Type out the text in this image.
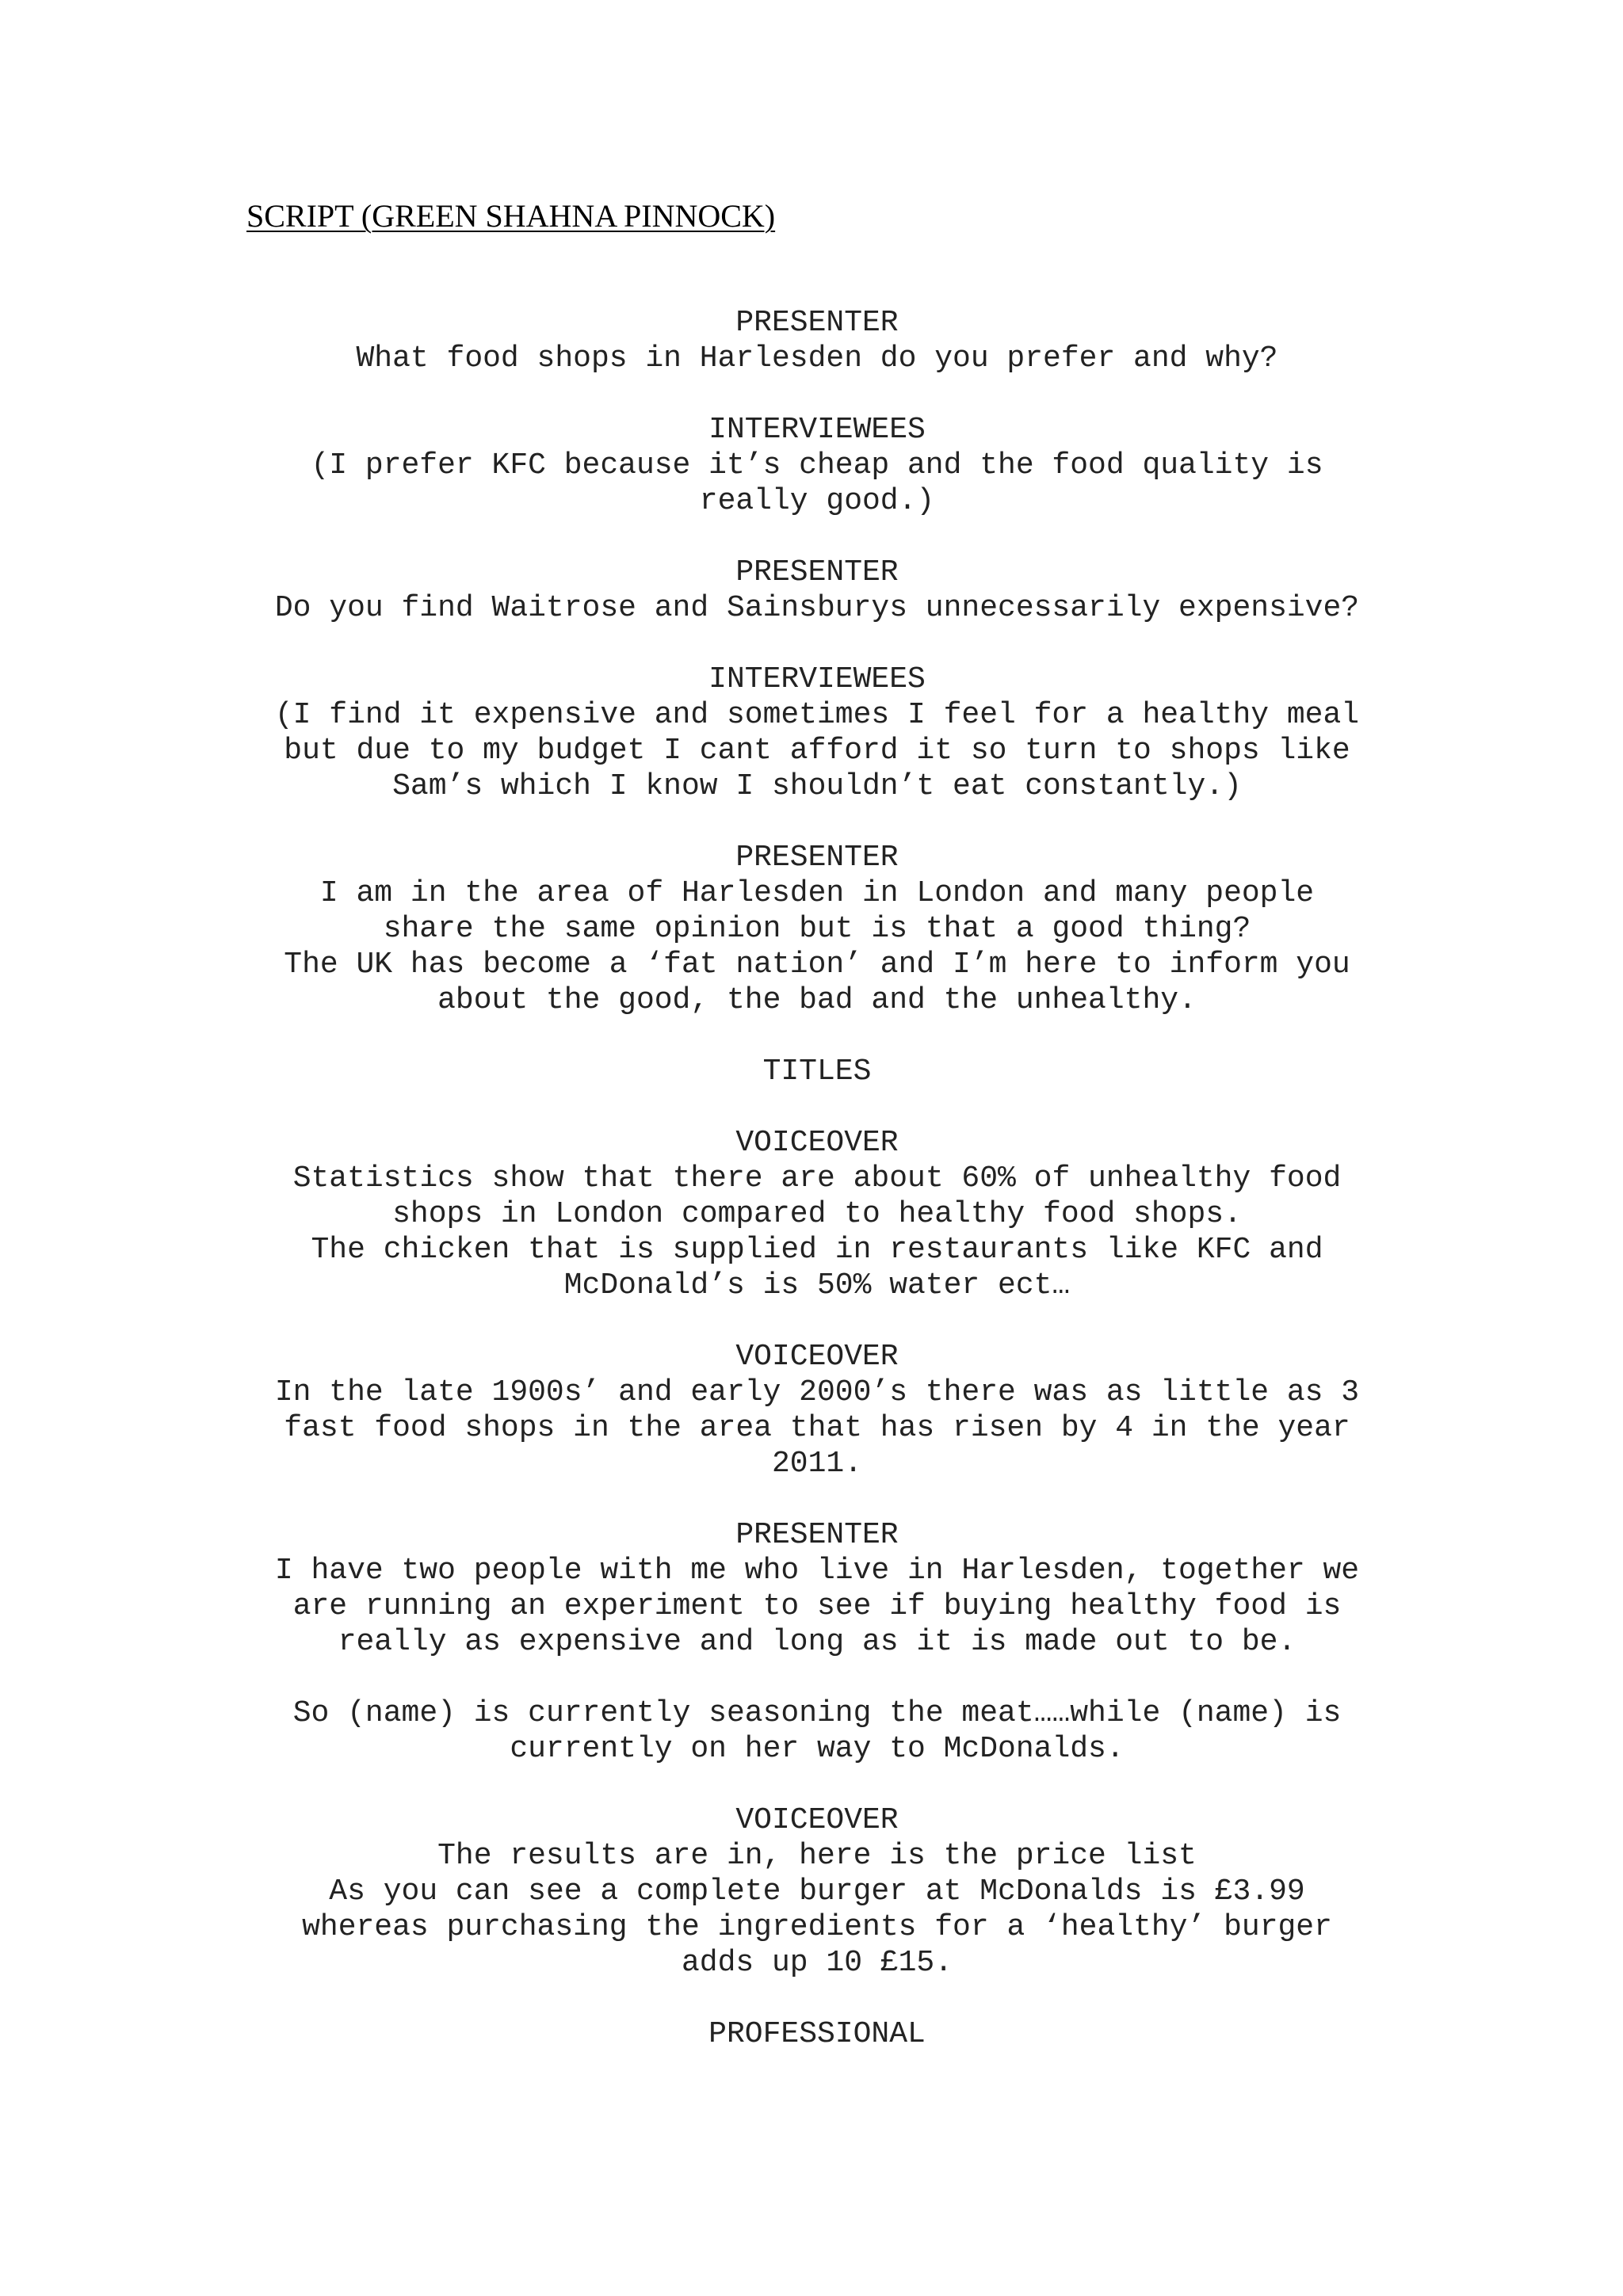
SCRIPT (GREEN SHAHNA PINNOCK)
PRESENTER
What food shops in Harlesden do you prefer and why?
INTERVIEWEES
(I prefer KFC because it’s cheap and the food quality is
really good.)
PRESENTER
Do you find Waitrose and Sainsburys unnecessarily expensive?
INTERVIEWEES
(I find it expensive and sometimes I feel for a healthy meal
but due to my budget I cant afford it so turn to shops like
Sam’s which I know I shouldn’t eat constantly.)
PRESENTER
I am in the area of Harlesden in London and many people
share the same opinion but is that a good thing?
The UK has become a ‘fat nation’ and I’m here to inform you
about the good, the bad and the unhealthy.
TITLES
VOICEOVER
Statistics show that there are about 60% of unhealthy food
shops in London compared to healthy food shops.
The chicken that is supplied in restaurants like KFC and
McDonald’s is 50% water ect…
VOICEOVER
In the late 1900s’ and early 2000’s there was as little as 3
fast food shops in the area that has risen by 4 in the year
2011.
PRESENTER
I have two people with me who live in Harlesden, together we
are running an experiment to see if buying healthy food is
really as expensive and long as it is made out to be.
So (name) is currently seasoning the meat……while (name) is
currently on her way to McDonalds.
VOICEOVER
The results are in, here is the price list
As you can see a complete burger at McDonalds is £3.99
whereas purchasing the ingredients for a ‘healthy’ burger
adds up 10 £15.
PROFESSIONAL
